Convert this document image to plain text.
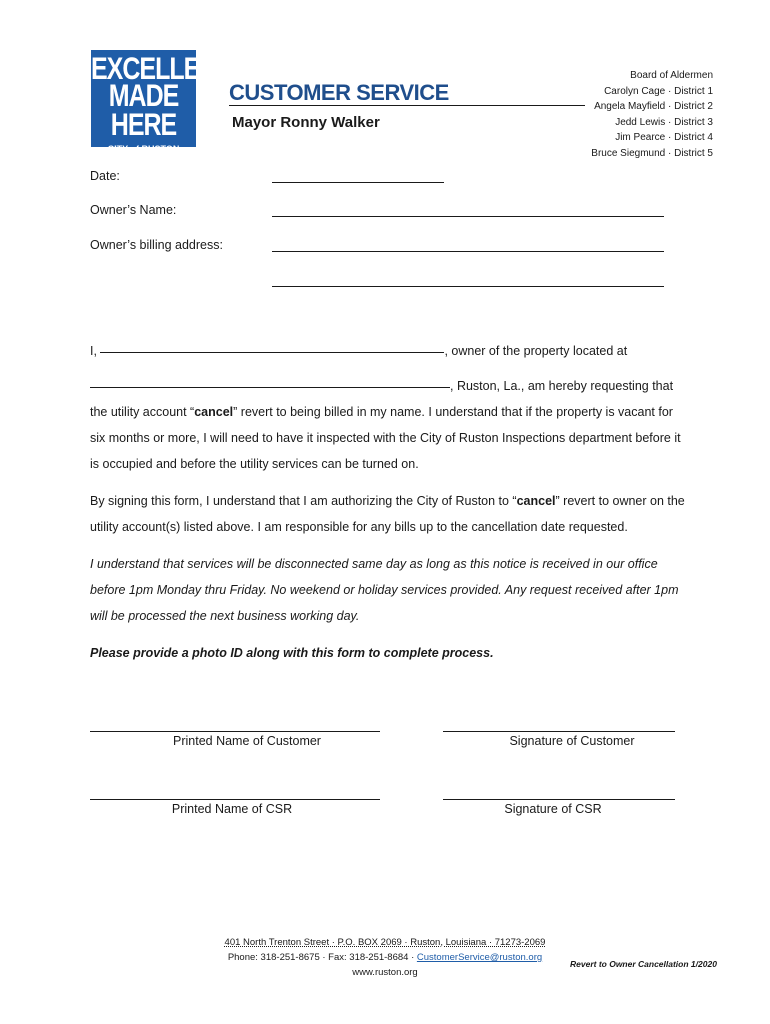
EXCELLENCE
MADE HERE
CITY of RUSTON
CUSTOMER SERVICE
Mayor Ronny Walker
Board of Aldermen
Carolyn Cage · District 1
Angela Mayfield · District 2
Jedd Lewis · District 3
Jim Pearce · District 4
Bruce Siegmund · District 5
Date:
Owner’s Name:
Owner’s billing address:
I,	, owner of the property located at
, Ruston, La., am hereby requesting that
the utility account “cancel” revert to being billed in my name. I understand that if the property is vacant for six months or more, I will need to have it inspected with the City of Ruston Inspections department before it is occupied and before the utility services can be turned on.
By signing this form, I understand that I am authorizing the City of Ruston to “cancel” revert to owner on the utility account(s) listed above. I am responsible for any bills up to the cancellation date requested.
I understand that services will be disconnected same day as long as this notice is received in our office before 1pm Monday thru Friday. No weekend or holiday services provided. Any request received after 1pm will be processed the next business working day.
Please provide a photo ID along with this form to complete process.
Printed Name of Customer	Signature of Customer
Printed Name of CSR	Signature of CSR
401 North Trenton Street · P.O. BOX 2069 · Ruston, Louisiana · 71273-2069
Phone: 318-251-8675 · Fax: 318-251-8684 · CustomerService@ruston.org
www.ruston.org
Revert to Owner Cancellation 1/2020
